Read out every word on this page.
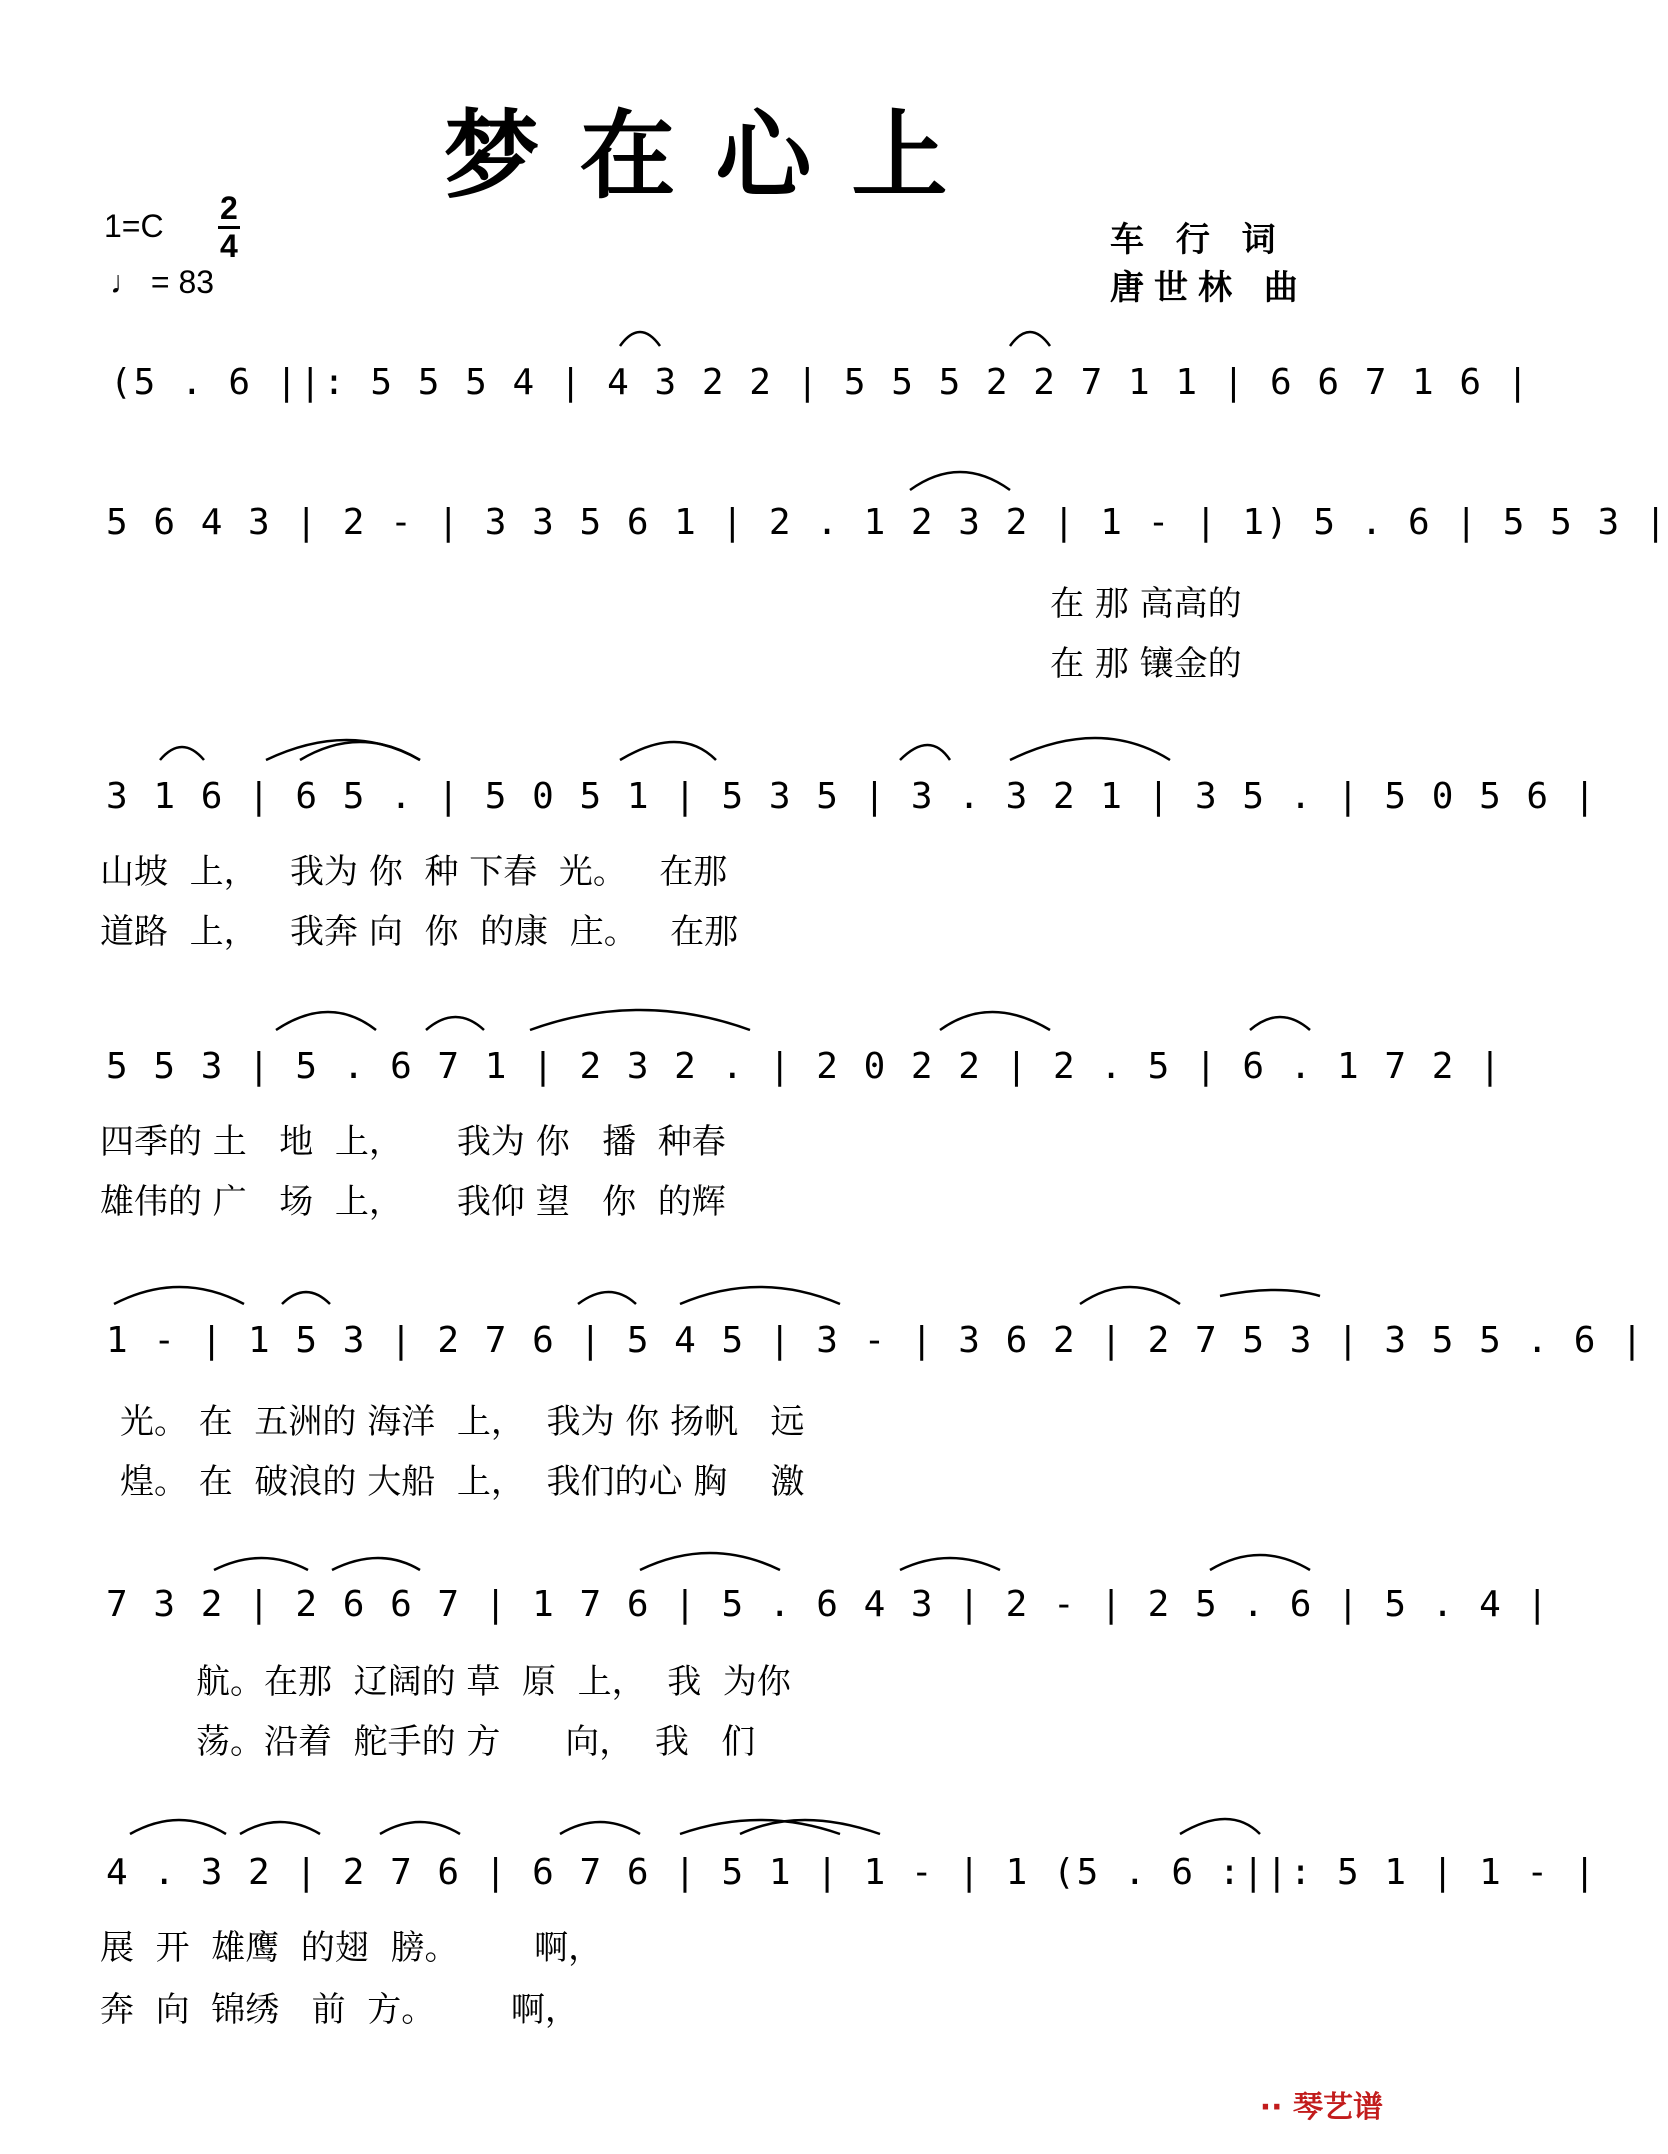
梦在心上
1=C 2
4
♩ = 83
车 行 词
唐世林 曲
(5 . 6 ||: 5 5 5 4 | 4 3 2 2 | 5 5 5 2 2 7 1 1 | 6 6 7 1 6 |
5 6 4 3 | 2 - | 3 3 5 6 1 | 2 . 1 2 3 2 | 1 - | 1) 5 . 6 | 5 5 3 |
在 那 高高的
在 那 镶金的
3 1 6 | 6 5 . | 5 0 5 1 | 5 3 5 | 3 . 3 2 1 | 3 5 . | 5 0 5 6 |
山坡  上，   我为 你  种 下春  光。   在那
道路  上，   我奔 向  你  的康  庄。   在那
5 5 3 | 5 . 6 7 1 | 2 3 2 . | 2 0 2 2 | 2 . 5 | 6 . 1 7 2 |
四季的 土   地  上，     我为 你   播  种春
雄伟的 广   场  上，     我仰 望   你  的辉
1 - | 1 5 3 | 2 7 6 | 5 4 5 | 3 - | 3 6 2 | 2 7 5 3 | 3 5 5 . 6 |
光。 在  五洲的 海洋  上，  我为 你 扬帆   远
煌。 在  破浪的 大船  上，  我们的心 胸    激
7 3 2 | 2 6 6 7 | 1 7 6 | 5 . 6 4 3 | 2 - | 2 5 . 6 | 5 . 4 |
航。在那  辽阔的 草  原  上，  我  为你
荡。沿着  舵手的 方      向，  我   们
4 . 3 2 | 2 7 6 | 6 7 6 | 5 1 | 1 - | 1 (5 . 6 :||: 5 1 | 1 - |
展  开  雄鹰  的翅  膀。       啊，
奔  向  锦绣   前  方。       啊，
∙∙ 琴艺谱
